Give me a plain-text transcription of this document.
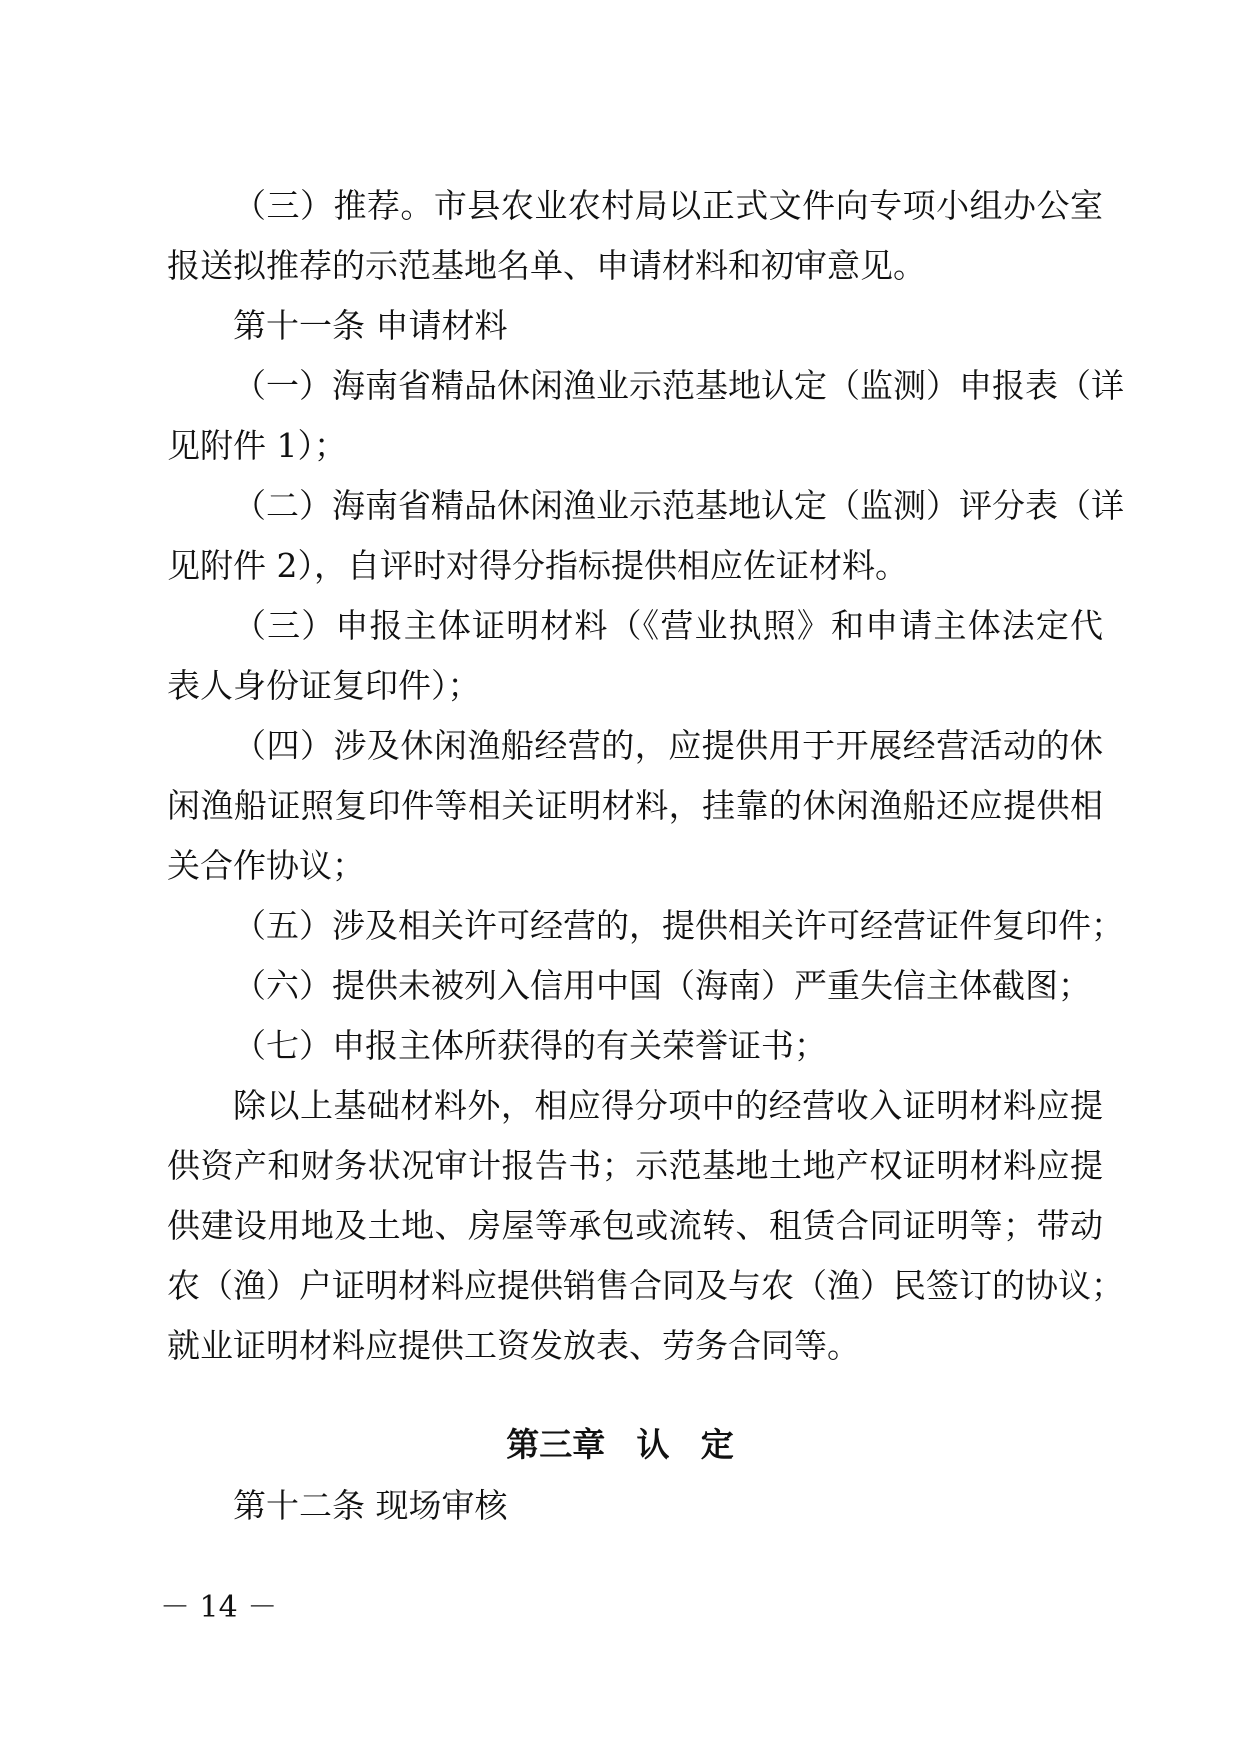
（三）推荐。市县农业农村局以正式文件向专项小组办公室
报送拟推荐的示范基地名单、申请材料和初审意见。
第十一条 申请材料
（一）海南省精品休闲渔业示范基地认定（监测）申报表（详
见附件 1）；
（二）海南省精品休闲渔业示范基地认定（监测）评分表（详
见附件 2），自评时对得分指标提供相应佐证材料。
（三）申报主体证明材料（《营业执照》和申请主体法定代
表人身份证复印件）；
（四）涉及休闲渔船经营的，应提供用于开展经营活动的休
闲渔船证照复印件等相关证明材料，挂靠的休闲渔船还应提供相
关合作协议；
（五）涉及相关许可经营的，提供相关许可经营证件复印件；
（六）提供未被列入信用中国（海南）严重失信主体截图；
（七）申报主体所获得的有关荣誉证书；
除以上基础材料外，相应得分项中的经营收入证明材料应提
供资产和财务状况审计报告书；示范基地土地产权证明材料应提
供建设用地及土地、房屋等承包或流转、租赁合同证明等；带动
农（渔）户证明材料应提供销售合同及与农（渔）民签订的协议；
就业证明材料应提供工资发放表、劳务合同等。
第三章 认 定
第十二条 现场审核
－ 14 －
